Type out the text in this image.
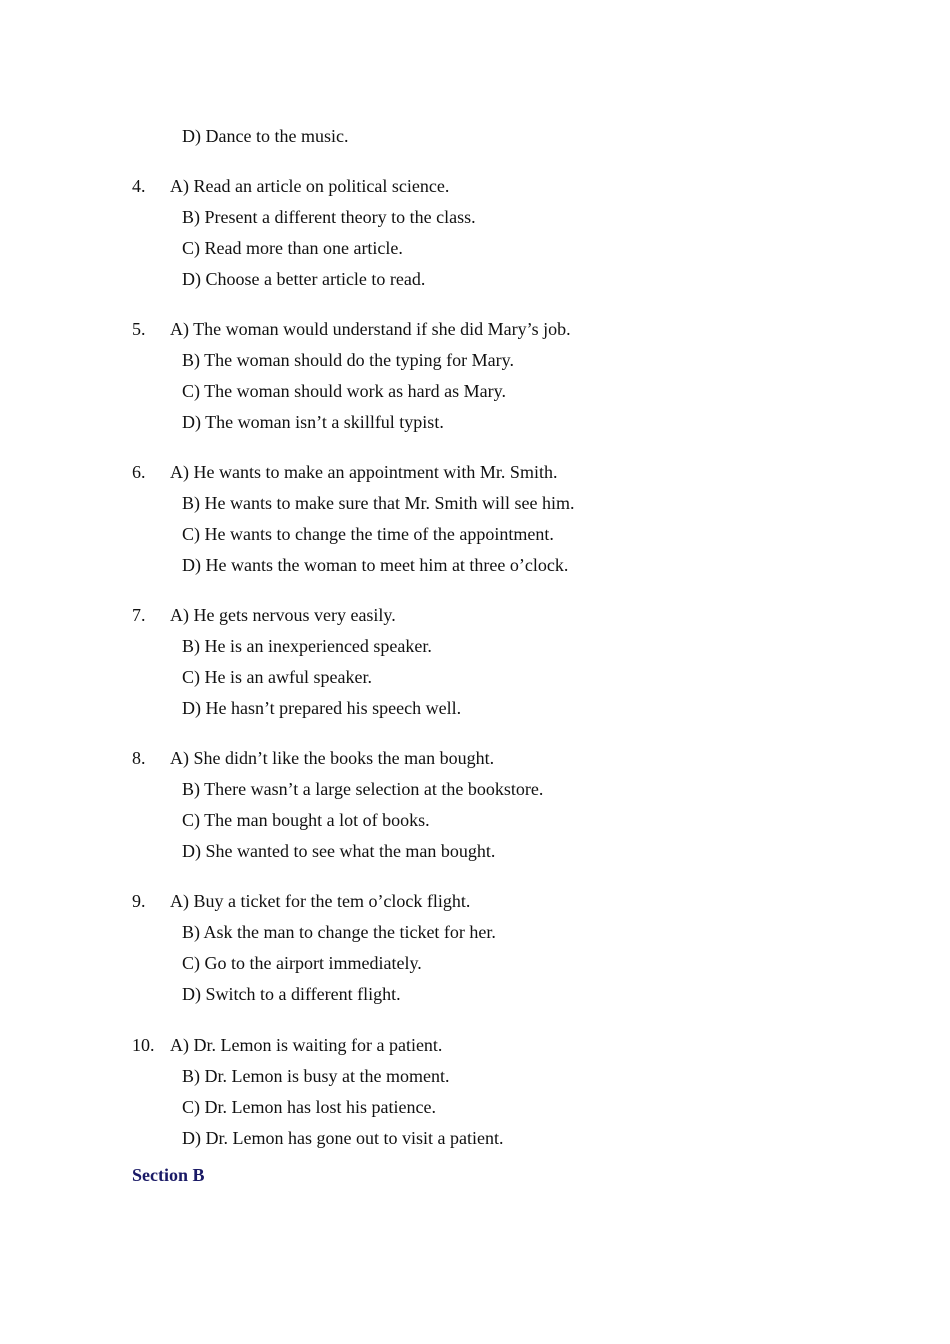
D) Dance to the music.
4. A) Read an article on political science.
B) Present a different theory to the class.
C) Read more than one article.
D) Choose a better article to read.
5. A) The woman would understand if she did Mary’s job.
B) The woman should do the typing for Mary.
C) The woman should work as hard as Mary.
D) The woman isn’t a skillful typist.
6. A) He wants to make an appointment with Mr. Smith.
B) He wants to make sure that Mr. Smith will see him.
C) He wants to change the time of the appointment.
D) He wants the woman to meet him at three o’clock.
7. A) He gets nervous very easily.
B) He is an inexperienced speaker.
C) He is an awful speaker.
D) He hasn’t prepared his speech well.
8. A) She didn’t like the books the man bought.
B) There wasn’t a large selection at the bookstore.
C) The man bought a lot of books.
D) She wanted to see what the man bought.
9. A) Buy a ticket for the tem o’clock flight.
B) Ask the man to change the ticket for her.
C) Go to the airport immediately.
D) Switch to a different flight.
10. A) Dr. Lemon is waiting for a patient.
B) Dr. Lemon is busy at the moment.
C) Dr. Lemon has lost his patience.
D) Dr. Lemon has gone out to visit a patient.
Section B
